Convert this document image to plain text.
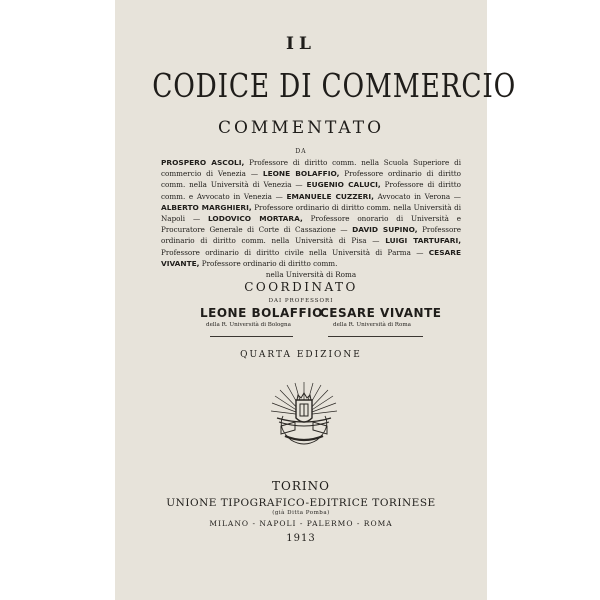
IL
CODICE DI COMMERCIO
COMMENTATO
DA
PROSPERO ASCOLI, Professore di diritto comm. nella Scuola Superiore di commercio di Venezia — LEONE BOLAFFIO, Professore ordinario di diritto comm. nella Università di Venezia — EUGENIO CALUCI, Professore di diritto comm. e Avvocato in Venezia — EMANUELE CUZZERI, Avvocato in Verona — ALBERTO MARGHIERI, Professore ordinario di diritto comm. nella Università di Napoli — LODOVICO MORTARA, Professore onorario di Università e Procuratore Generale di Corte di Cassazione — DAVID SUPINO, Professore ordinario di diritto comm. nella Università di Pisa — LUIGI TARTUFARI, Professore ordinario di diritto civile nella Università di Parma — CESARE VIVANTE, Professore ordinario di diritto comm.
nella Università di Roma
COORDINATO
DAI PROFESSORI
LEONE BOLAFFIO
CESARE VIVANTE
della R. Università di Bologna	della R. Università di Roma
QUARTA EDIZIONE
TORINO
UNIONE TIPOGRAFICO-EDITRICE TORINESE
(già Ditta Pomba)
MILANO - NAPOLI - PALERMO - ROMA
1913
